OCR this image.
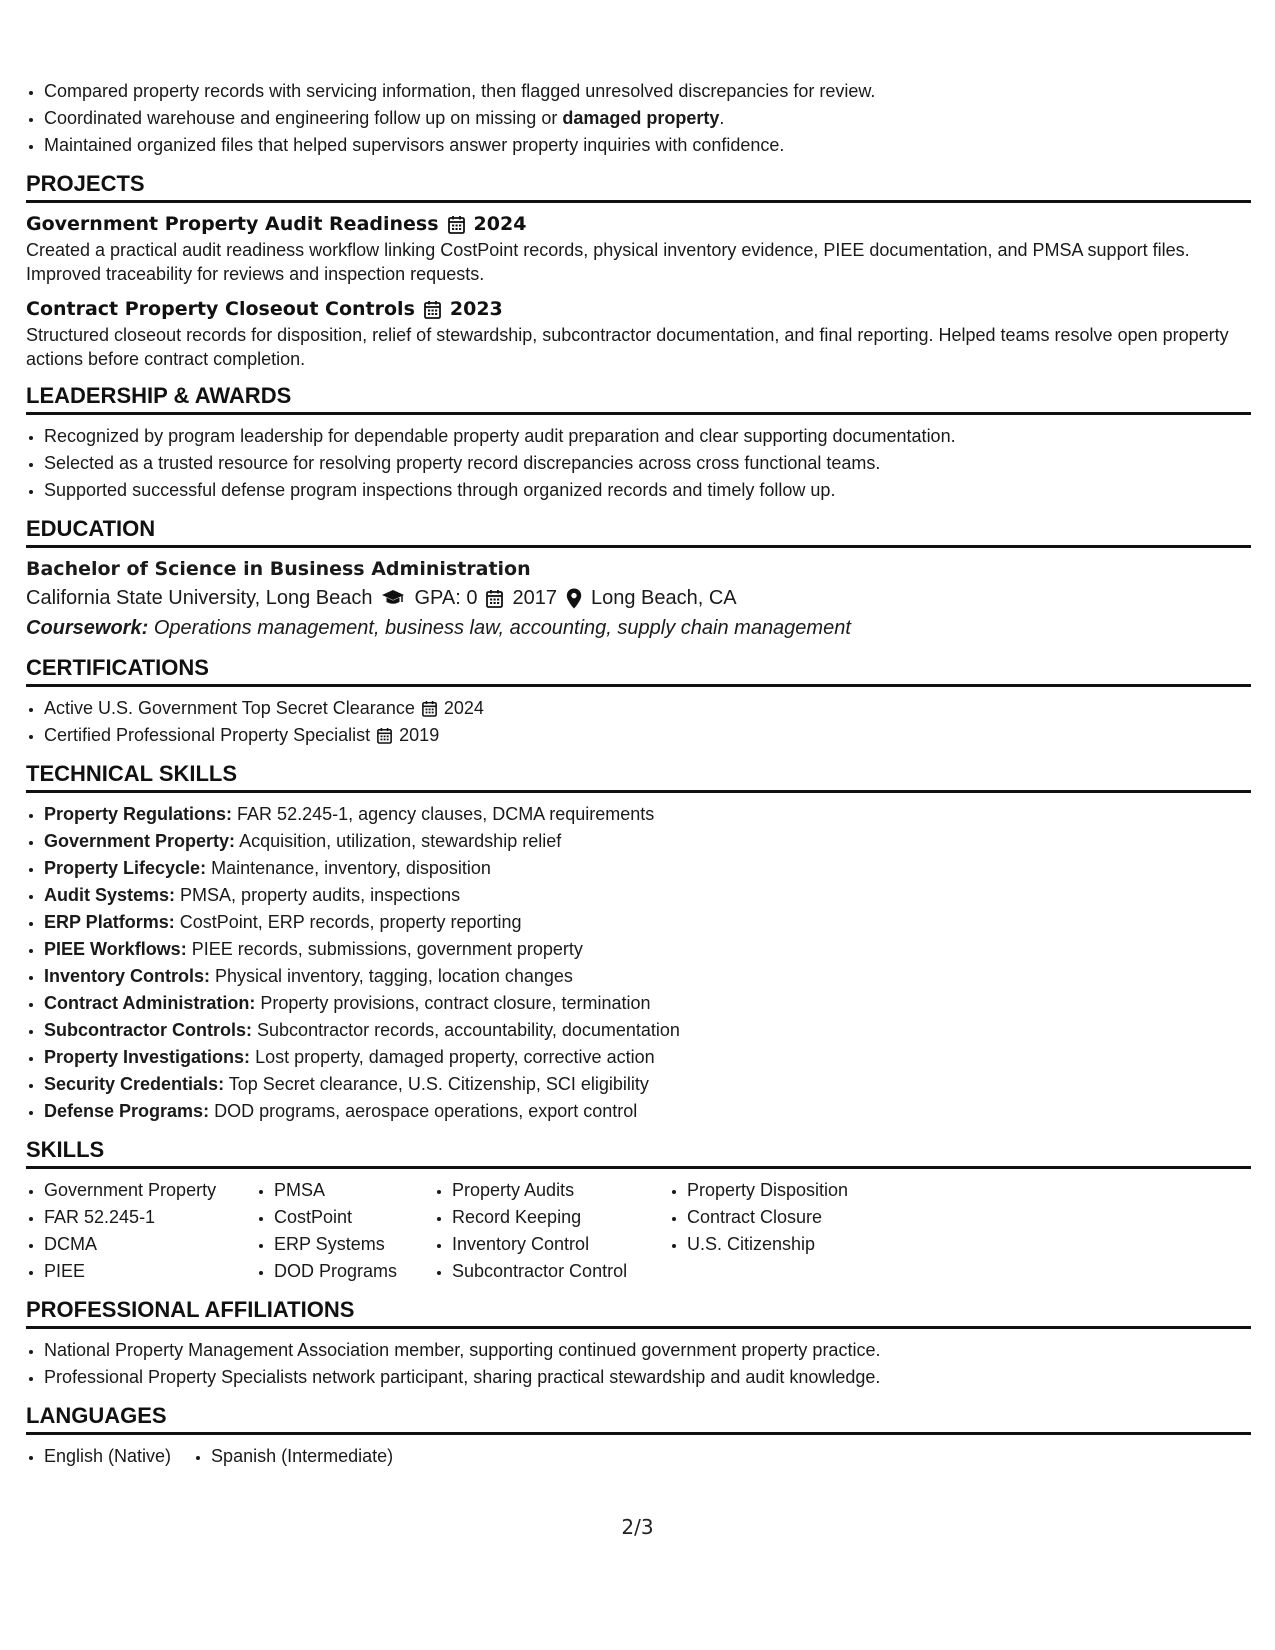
• Compared property records with servicing information, then flagged unresolved discrepancies for review.
• Coordinated warehouse and engineering follow up on missing or damaged property.
• Maintained organized files that helped supervisors answer property inquiries with confidence.
PROJECTS
Government Property Audit Readiness 2024
Created a practical audit readiness workflow linking CostPoint records, physical inventory evidence, PIEE documentation, and PMSA support files. Improved traceability for reviews and inspection requests.
Contract Property Closeout Controls 2023
Structured closeout records for disposition, relief of stewardship, subcontractor documentation, and final reporting. Helped teams resolve open property actions before contract completion.
LEADERSHIP & AWARDS
• Recognized by program leadership for dependable property audit preparation and clear supporting documentation.
• Selected as a trusted resource for resolving property record discrepancies across cross functional teams.
• Supported successful defense program inspections through organized records and timely follow up.
EDUCATION
Bachelor of Science in Business Administration
California State University, Long Beach GPA: 0 2017 Long Beach, CA
Coursework: Operations management, business law, accounting, supply chain management
CERTIFICATIONS
• Active U.S. Government Top Secret Clearance 2024
• Certified Professional Property Specialist 2019
TECHNICAL SKILLS
• Property Regulations: FAR 52.245-1, agency clauses, DCMA requirements
• Government Property: Acquisition, utilization, stewardship relief
• Property Lifecycle: Maintenance, inventory, disposition
• Audit Systems: PMSA, property audits, inspections
• ERP Platforms: CostPoint, ERP records, property reporting
• PIEE Workflows: PIEE records, submissions, government property
• Inventory Controls: Physical inventory, tagging, location changes
• Contract Administration: Property provisions, contract closure, termination
• Subcontractor Controls: Subcontractor records, accountability, documentation
• Property Investigations: Lost property, damaged property, corrective action
• Security Credentials: Top Secret clearance, U.S. Citizenship, SCI eligibility
• Defense Programs: DOD programs, aerospace operations, export control
SKILLS
• Government Property
• FAR 52.245-1
• DCMA
• PIEE
• PMSA
• CostPoint
• ERP Systems
• DOD Programs
• Property Audits
• Record Keeping
• Inventory Control
• Subcontractor Control
• Property Disposition
• Contract Closure
• U.S. Citizenship
PROFESSIONAL AFFILIATIONS
• National Property Management Association member, supporting continued government property practice.
• Professional Property Specialists network participant, sharing practical stewardship and audit knowledge.
LANGUAGES
• English (Native)
• Spanish (Intermediate)
2/3
